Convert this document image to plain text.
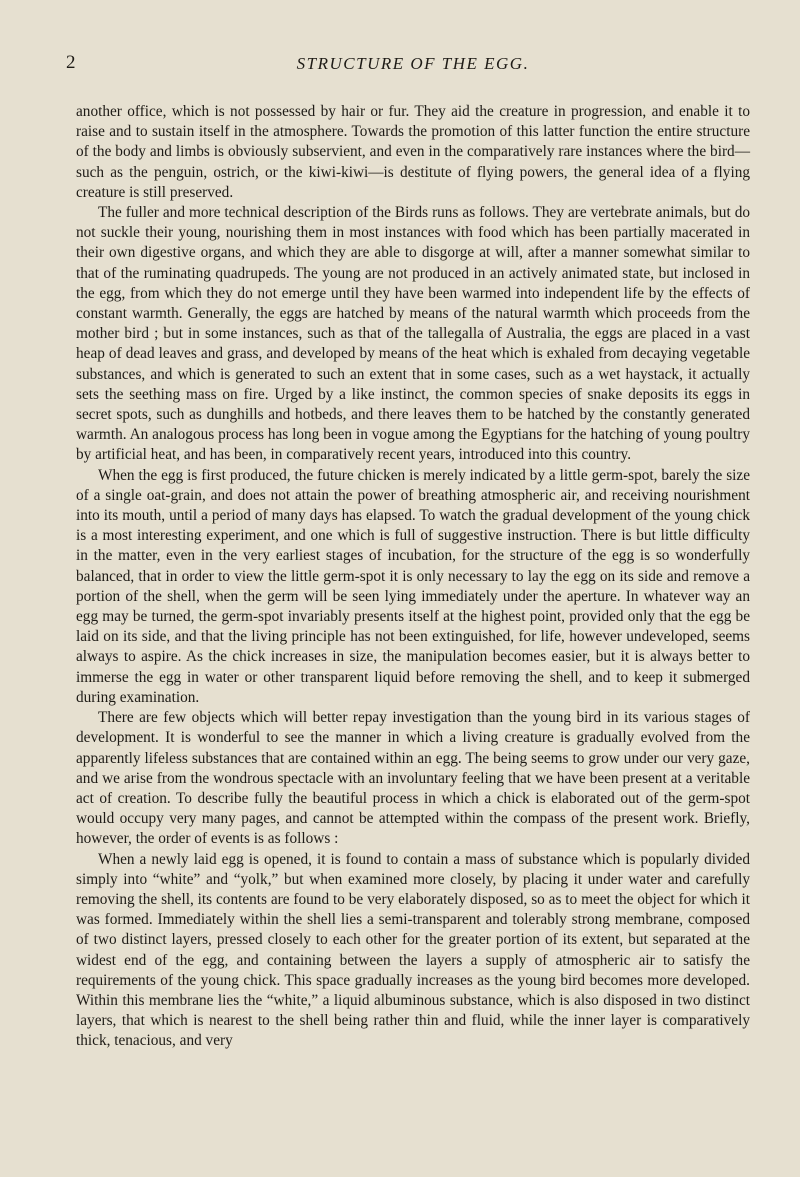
2	STRUCTURE OF THE EGG.

another office, which is not possessed by hair or fur. They aid the creature in progression, and enable it to raise and to sustain itself in the atmosphere. Towards the promotion of this latter function the entire structure of the body and limbs is obviously subservient, and even in the comparatively rare instances where the bird—such as the penguin, ostrich, or the kiwi-kiwi—is destitute of flying powers, the general idea of a flying creature is still preserved.

The fuller and more technical description of the Birds runs as follows. They are vertebrate animals, but do not suckle their young, nourishing them in most instances with food which has been partially macerated in their own digestive organs, and which they are able to disgorge at will, after a manner somewhat similar to that of the ruminating quadrupeds. The young are not produced in an actively animated state, but inclosed in the egg, from which they do not emerge until they have been warmed into independent life by the effects of constant warmth. Generally, the eggs are hatched by means of the natural warmth which proceeds from the mother bird ; but in some instances, such as that of the tallegalla of Australia, the eggs are placed in a vast heap of dead leaves and grass, and developed by means of the heat which is exhaled from decaying vegetable substances, and which is generated to such an extent that in some cases, such as a wet haystack, it actually sets the seething mass on fire. Urged by a like instinct, the common species of snake deposits its eggs in secret spots, such as dunghills and hotbeds, and there leaves them to be hatched by the constantly generated warmth. An analogous process has long been in vogue among the Egyptians for the hatching of young poultry by artificial heat, and has been, in comparatively recent years, introduced into this country.

When the egg is first produced, the future chicken is merely indicated by a little germ-spot, barely the size of a single oat-grain, and does not attain the power of breathing atmospheric air, and receiving nourishment into its mouth, until a period of many days has elapsed. To watch the gradual development of the young chick is a most interesting experiment, and one which is full of suggestive instruction. There is but little difficulty in the matter, even in the very earliest stages of incubation, for the structure of the egg is so wonderfully balanced, that in order to view the little germ-spot it is only necessary to lay the egg on its side and remove a portion of the shell, when the germ will be seen lying immediately under the aperture. In whatever way an egg may be turned, the germ-spot invariably presents itself at the highest point, provided only that the egg be laid on its side, and that the living principle has not been extinguished, for life, however undeveloped, seems always to aspire. As the chick increases in size, the manipulation becomes easier, but it is always better to immerse the egg in water or other transparent liquid before removing the shell, and to keep it submerged during examination.

There are few objects which will better repay investigation than the young bird in its various stages of development. It is wonderful to see the manner in which a living creature is gradually evolved from the apparently lifeless substances that are contained within an egg. The being seems to grow under our very gaze, and we arise from the wondrous spectacle with an involuntary feeling that we have been present at a veritable act of creation. To describe fully the beautiful process in which a chick is elaborated out of the germ-spot would occupy very many pages, and cannot be attempted within the compass of the present work. Briefly, however, the order of events is as follows :

When a newly laid egg is opened, it is found to contain a mass of substance which is popularly divided simply into “white” and “yolk,” but when examined more closely, by placing it under water and carefully removing the shell, its contents are found to be very elaborately disposed, so as to meet the object for which it was formed. Immediately within the shell lies a semi-transparent and tolerably strong membrane, composed of two distinct layers, pressed closely to each other for the greater portion of its extent, but separated at the widest end of the egg, and containing between the layers a supply of atmospheric air to satisfy the requirements of the young chick. This space gradually increases as the young bird becomes more developed. Within this membrane lies the “white,” a liquid albuminous substance, which is also disposed in two distinct layers, that which is nearest to the shell being rather thin and fluid, while the inner layer is comparatively thick, tenacious, and very
